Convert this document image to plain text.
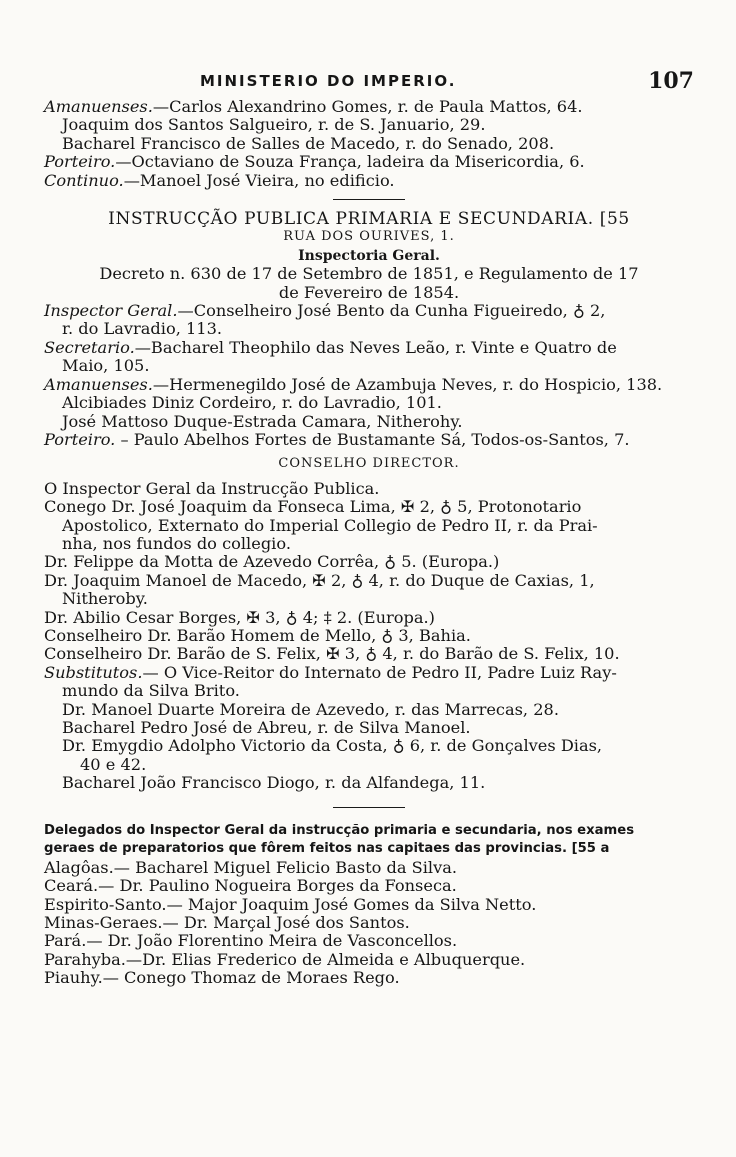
MINISTERIO DO IMPERIO.	107

Amanuenses.—Carlos Alexandrino Gomes, r. de Paula Mattos, 64.

Joaquim dos Santos Salgueiro, r. de S. Januario, 29.

Bacharel Francisco de Salles de Macedo, r. do Senado, 208.

Porteiro.—Octaviano de Souza França, ladeira da Misericordia, 6.

Continuo.—Manoel José Vieira, no edificio.

INSTRUCÇÃO PUBLICA PRIMARIA E SECUNDARIA. [55

RUA DOS OURIVES, 1.

Inspectoria Geral.

Decreto n. 630 de 17 de Setembro de 1851, e Regulamento de 17

de Fevereiro de 1854.

Inspector Geral.—Conselheiro José Bento da Cunha Figueiredo, ♁ 2,

r. do Lavradio, 113.

Secretario.—Bacharel Theophilo das Neves Leão, r. Vinte e Quatro de

Maio, 105.

Amanuenses.—Hermenegildo José de Azambuja Neves, r. do Hospicio, 138.

Alcibiades Diniz Cordeiro, r. do Lavradio, 101.

José Mattoso Duque-Estrada Camara, Nitherohy.

Porteiro. – Paulo Abelhos Fortes de Bustamante Sá, Todos-os-Santos, 7.

CONSELHO DIRECTOR.

O Inspector Geral da Instrucção Publica.

Conego Dr. José Joaquim da Fonseca Lima, ✠ 2, ♁ 5, Protonotario

Apostolico, Externato do Imperial Collegio de Pedro II, r. da Prai-

nha, nos fundos do collegio.

Dr. Felippe da Motta de Azevedo Corrêa, ♁ 5. (Europa.)

Dr. Joaquim Manoel de Macedo, ✠ 2, ♁ 4, r. do Duque de Caxias, 1,

Nitheroby.

Dr. Abilio Cesar Borges, ✠ 3, ♁ 4; ‡ 2. (Europa.)

Conselheiro Dr. Barão Homem de Mello, ♁ 3, Bahia.

Conselheiro Dr. Barão de S. Felix, ✠ 3, ♁ 4, r. do Barão de S. Felix, 10.

Substitutos.— O Vice-Reitor do Internato de Pedro II, Padre Luiz Ray-

mundo da Silva Brito.

Dr. Manoel Duarte Moreira de Azevedo, r. das Marrecas, 28.

Bacharel Pedro José de Abreu, r. de Silva Manoel.

Dr. Emygdio Adolpho Victorio da Costa, ♁ 6, r. de Gonçalves Dias,

40 e 42.

Bacharel João Francisco Diogo, r. da Alfandega, 11.

Delegados do Inspector Geral da instrucção primaria e secundaria, nos exames

geraes de preparatorios que fôrem feitos nas capitaes das provincias. [55 a

Alagôas.— Bacharel Miguel Felicio Basto da Silva.

Ceará.— Dr. Paulino Nogueira Borges da Fonseca.

Espirito-Santo.— Major Joaquim José Gomes da Silva Netto.

Minas-Geraes.— Dr. Marçal José dos Santos.

Pará.— Dr. João Florentino Meira de Vasconcellos.

Parahyba.—Dr. Elias Frederico de Almeida e Albuquerque.

Piauhy.— Conego Thomaz de Moraes Rego.
